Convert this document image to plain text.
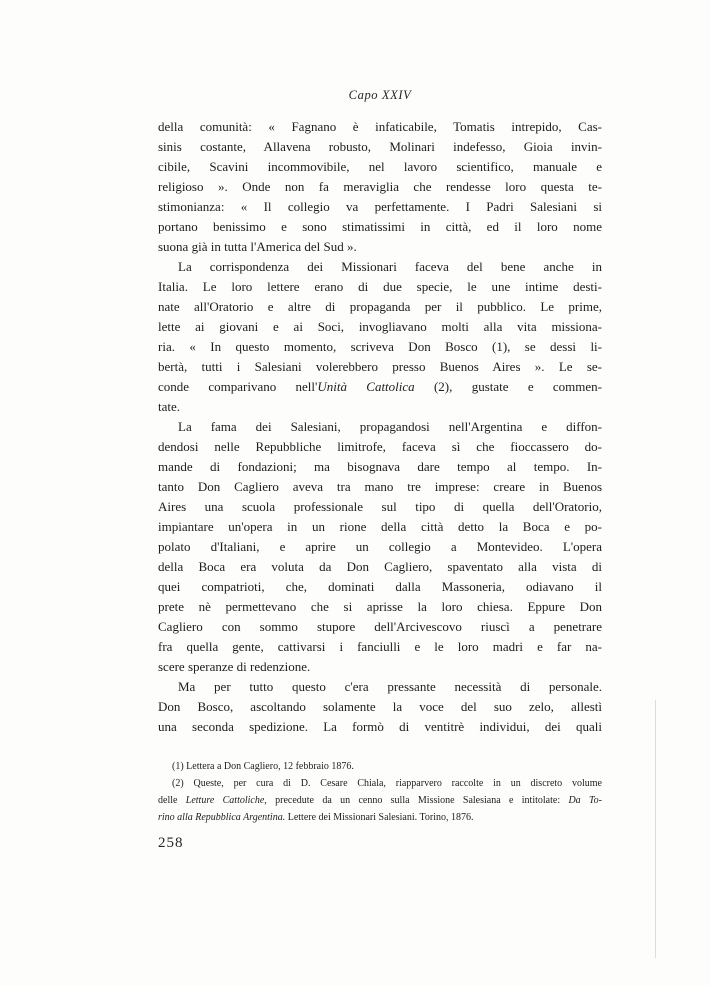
Capo XXIV
della comunità: « Fagnano è infaticabile, Tomatis intrepido, Cas-
sinis costante, Allavena robusto, Molinari indefesso, Gioia invin-
cibile, Scavini incommovibile, nel lavoro scientifico, manuale e
religioso ». Onde non fa meraviglia che rendesse loro questa te-
stimonianza: « Il collegio va perfettamente. I Padri Salesiani si
portano benissimo e sono stimatissimi in città, ed il loro nome
suona già in tutta l'America del Sud ».
La corrispondenza dei Missionari faceva del bene anche in
Italia. Le loro lettere erano di due specie, le une intime desti-
nate all'Oratorio e altre di propaganda per il pubblico. Le prime,
lette ai giovani e ai Soci, invogliavano molti alla vita missiona-
ria. « In questo momento, scriveva Don Bosco (1), se dessi li-
bertà, tutti i Salesiani volerebbero presso Buenos Aires ». Le se-
conde comparivano nell'Unità Cattolica (2), gustate e commen-
tate.
La fama dei Salesiani, propagandosi nell'Argentina e diffon-
dendosi nelle Repubbliche limitrofe, faceva sì che fioccassero do-
mande di fondazioni; ma bisognava dare tempo al tempo. In-
tanto Don Cagliero aveva tra mano tre imprese: creare in Buenos
Aires una scuola professionale sul tipo di quella dell'Oratorio,
impiantare un'opera in un rione della città detto la Boca e po-
polato d'Italiani, e aprire un collegio a Montevideo. L'opera
della Boca era voluta da Don Cagliero, spaventato alla vista di
quei compatrioti, che, dominati dalla Massoneria, odiavano il
prete nè permettevano che si aprisse la loro chiesa. Eppure Don
Cagliero con sommo stupore dell'Arcivescovo riuscì a penetrare
fra quella gente, cattivarsi i fanciulli e le loro madri e far na-
scere speranze di redenzione.
Ma per tutto questo c'era pressante necessità di personale.
Don Bosco, ascoltando solamente la voce del suo zelo, allestì
una seconda spedizione. La formò di ventitrè individui, dei quali
(1) Lettera a Don Cagliero, 12 febbraio 1876.
(2) Queste, per cura di D. Cesare Chiala, riapparvero raccolte in un discreto volume
delle Letture Cattoliche, precedute da un cenno sulla Missione Salesiana e intitolate: Da To-
rino alla Repubblica Argentina. Lettere dei Missionari Salesiani. Torino, 1876.
258
